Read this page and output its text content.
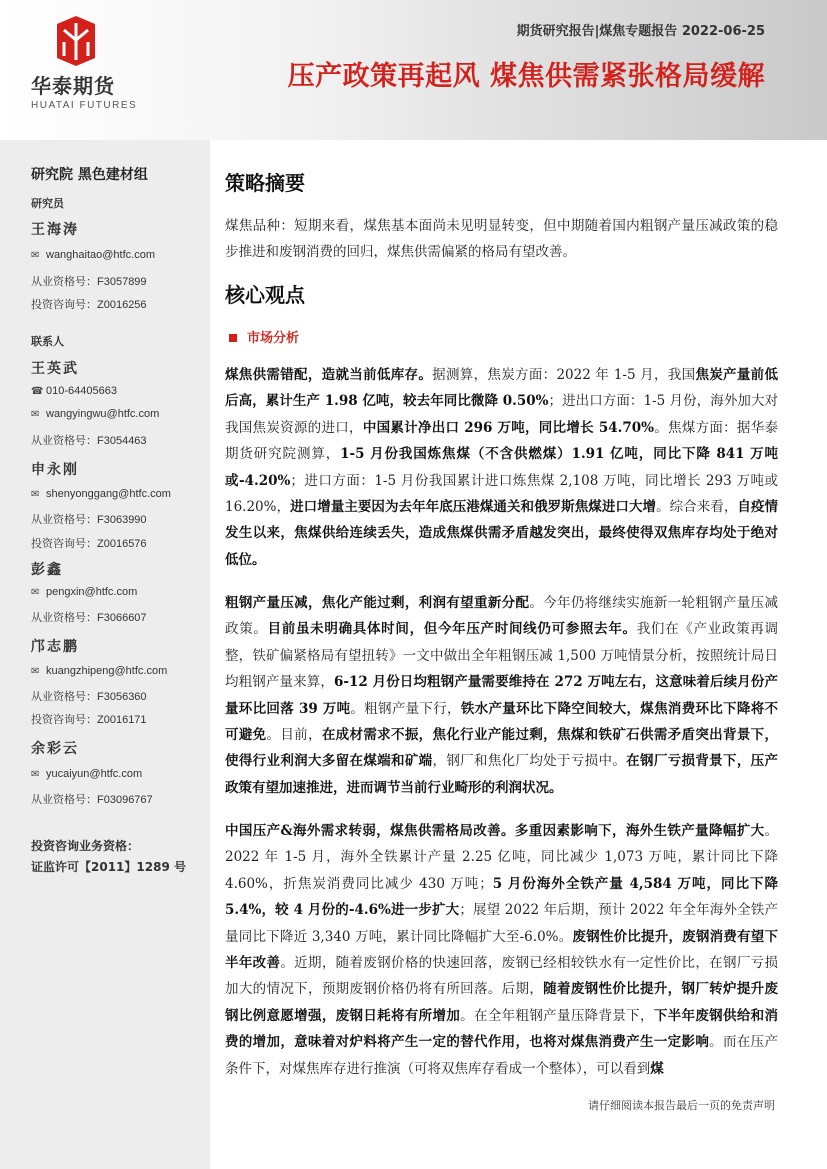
华泰期货
HUATAI FUTURES
期货研究报告|煤焦专题报告 2022-06-25
压产政策再起风 煤焦供需紧张格局缓解
研究院 黑色建材组
研究员
王海涛
✉ wanghaitao@htfc.com
从业资格号：F3057899
投资咨询号：Z0016256
联系人
王英武
☎ 010-64405663
✉ wangyingwu@htfc.com
从业资格号：F3054463
申永刚
✉ shenyonggang@htfc.com
从业资格号：F3063990
投资咨询号：Z0016576
彭鑫
✉ pengxin@htfc.com
从业资格号：F3066607
邝志鹏
✉ kuangzhipeng@htfc.com
从业资格号：F3056360
投资咨询号：Z0016171
余彩云
✉ yucaiyun@htfc.com
从业资格号：F03096767
投资咨询业务资格：
证监许可【2011】1289 号
策略摘要
煤焦品种：短期来看，煤焦基本面尚未见明显转变，但中期随着国内粗钢产量压减政策的稳步推进和废钢消费的回归，煤焦供需偏紧的格局有望改善。
核心观点
市场分析
煤焦供需错配，造就当前低库存。据测算，焦炭方面：2022 年 1-5 月，我国焦炭产量前低后高，累计生产 1.98 亿吨，较去年同比微降 0.50%；进出口方面：1-5 月份，海外加大对我国焦炭资源的进口，中国累计净出口 296 万吨，同比增长 54.70%。焦煤方面：据华泰期货研究院测算，1-5 月份我国炼焦煤（不含供燃煤）1.91 亿吨，同比下降 841 万吨或-4.20%；进口方面：1-5 月份我国累计进口炼焦煤 2,108 万吨，同比增长 293 万吨或 16.20%，进口增量主要因为去年年底压港煤通关和俄罗斯焦煤进口大增。综合来看，自疫情发生以来，焦煤供给连续丢失，造成焦煤供需矛盾越发突出，最终使得双焦库存均处于绝对低位。
粗钢产量压减，焦化产能过剩，利润有望重新分配。今年仍将继续实施新一轮粗钢产量压减政策。目前虽未明确具体时间，但今年压产时间线仍可参照去年。我们在《产业政策再调整，铁矿偏紧格局有望扭转》一文中做出全年粗钢压减 1,500 万吨情景分析，按照统计局日均粗钢产量来算，6-12 月份日均粗钢产量需要维持在 272 万吨左右，这意味着后续月份产量环比回落 39 万吨。粗钢产量下行，铁水产量环比下降空间较大，煤焦消费环比下降将不可避免。目前，在成材需求不振，焦化行业产能过剩，焦煤和铁矿石供需矛盾突出背景下，使得行业利润大多留在煤端和矿端，钢厂和焦化厂均处于亏损中。在钢厂亏损背景下，压产政策有望加速推进，进而调节当前行业畸形的利润状况。
中国压产&海外需求转弱，煤焦供需格局改善。多重因素影响下，海外生铁产量降幅扩大。2022 年 1-5 月，海外全铁累计产量 2.25 亿吨，同比减少 1,073 万吨，累计同比下降 4.60%，折焦炭消费同比减少 430 万吨；5 月份海外全铁产量 4,584 万吨，同比下降 5.4%，较 4 月份的-4.6%进一步扩大；展望 2022 年后期，预计 2022 年全年海外全铁产量同比下降近 3,340 万吨，累计同比降幅扩大至-6.0%。废钢性价比提升，废钢消费有望下半年改善。近期，随着废钢价格的快速回落，废钢已经相较铁水有一定性价比，在钢厂亏损加大的情况下，预期废钢价格仍将有所回落。后期，随着废钢性价比提升，钢厂转炉提升废钢比例意愿增强，废钢日耗将有所增加。在全年粗钢产量压降背景下，下半年废钢供给和消费的增加，意味着对炉料将产生一定的替代作用，也将对煤焦消费产生一定影响。而在压产条件下，对煤焦库存进行推演（可将双焦库存看成一个整体），可以看到煤
请仔细阅读本报告最后一页的免责声明
